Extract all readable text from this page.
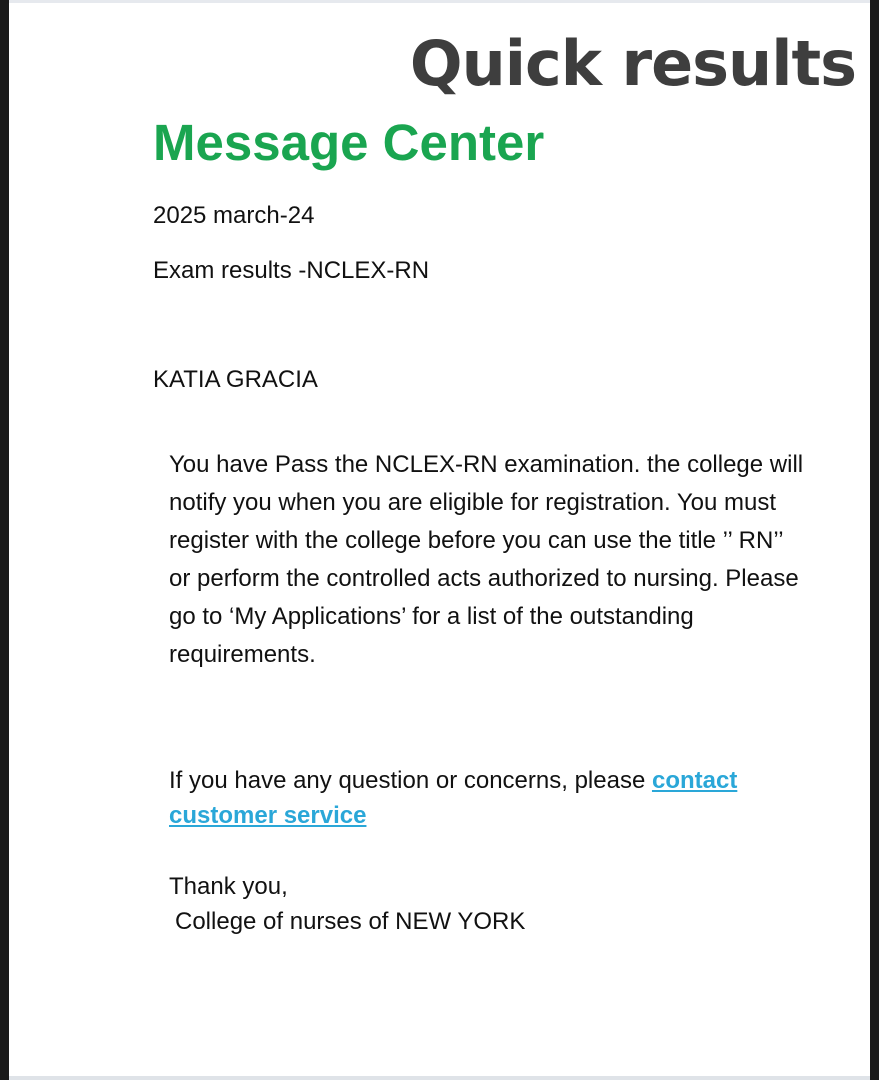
Quick results
Message Center

2025 march-24

Exam results -NCLEX-RN

KATIA GRACIA

You have Pass the NCLEX-RN examination. the college will notify you when you are eligible for registration. You must register with the college before you can use the title ’’ RN’’ or perform the controlled acts authorized to nursing. Please go to ‘My Applications’ for a list of the outstanding requirements.

If you have any question or concerns, please contact customer service

Thank you,
College of nurses of NEW YORK
